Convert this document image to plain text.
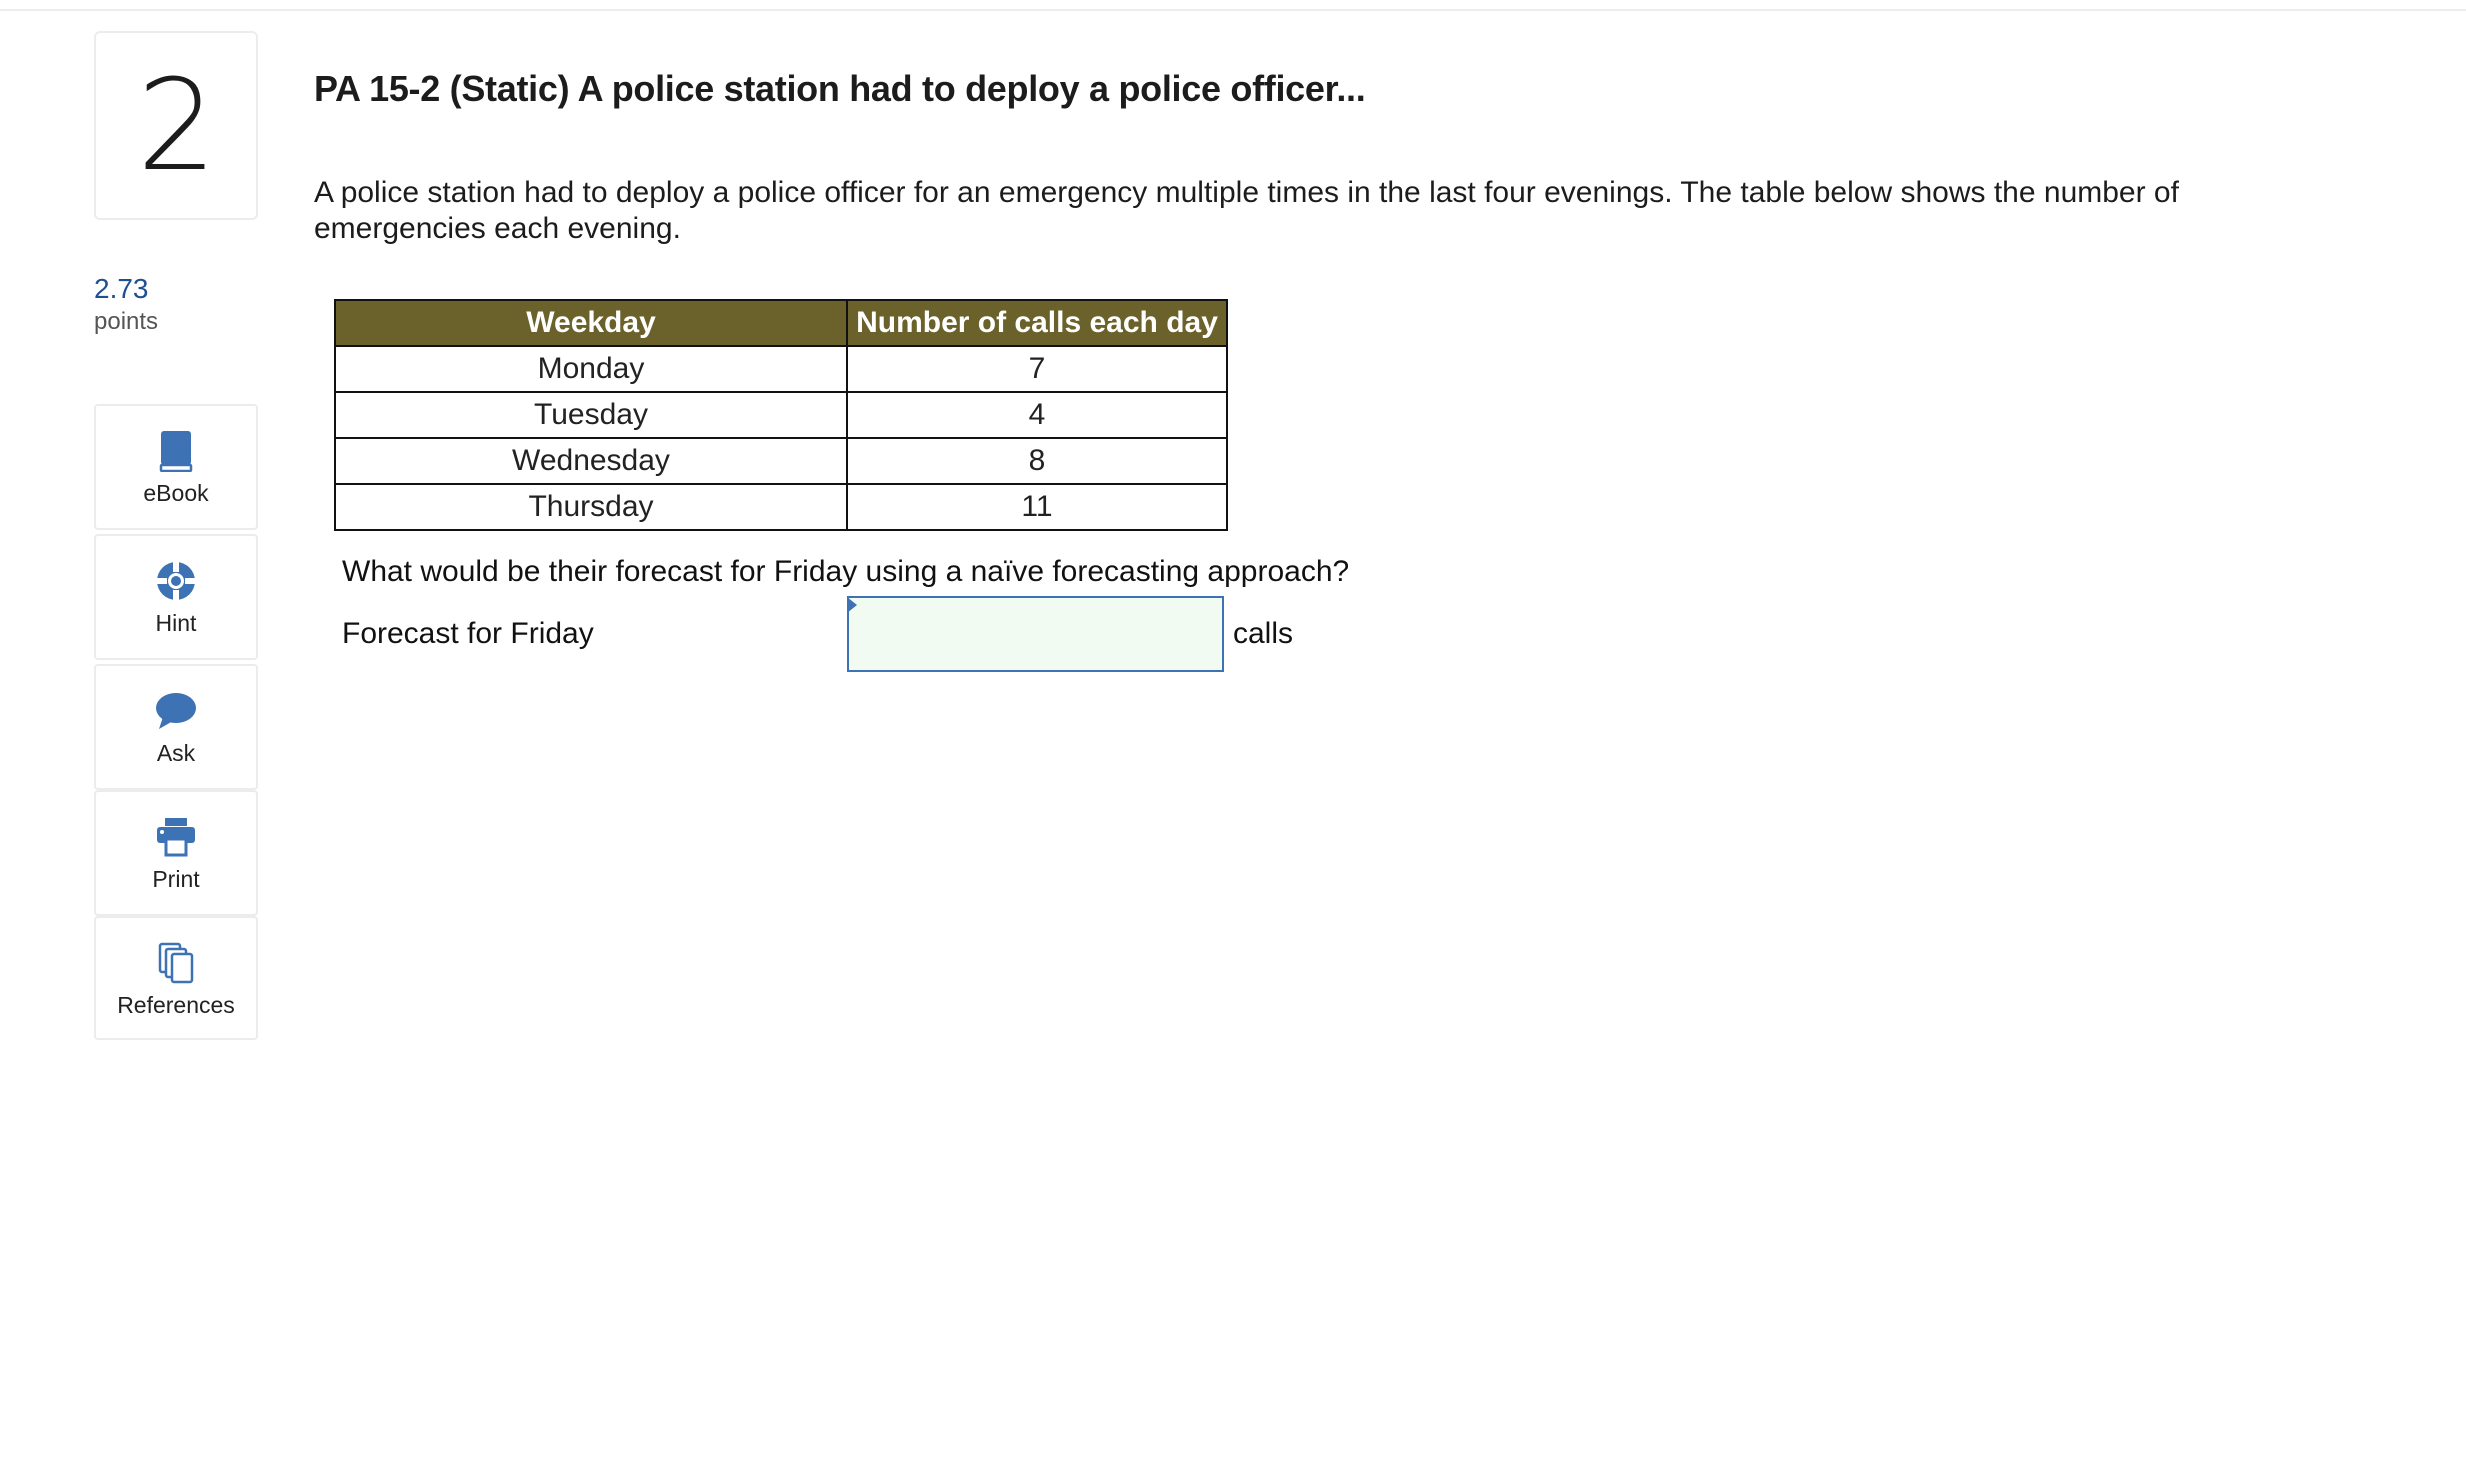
2
2.73
points
eBook
Hint
Ask
Print
References
PA 15-2 (Static) A police station had to deploy a police officer...
A police station had to deploy a police officer for an emergency multiple times in the last four evenings. The table below shows the number of emergencies each evening.
Weekday	Number of calls each day
Monday	7
Tuesday	4
Wednesday	8
Thursday	11
What would be their forecast for Friday using a naïve forecasting approach?
Forecast for Friday	calls
